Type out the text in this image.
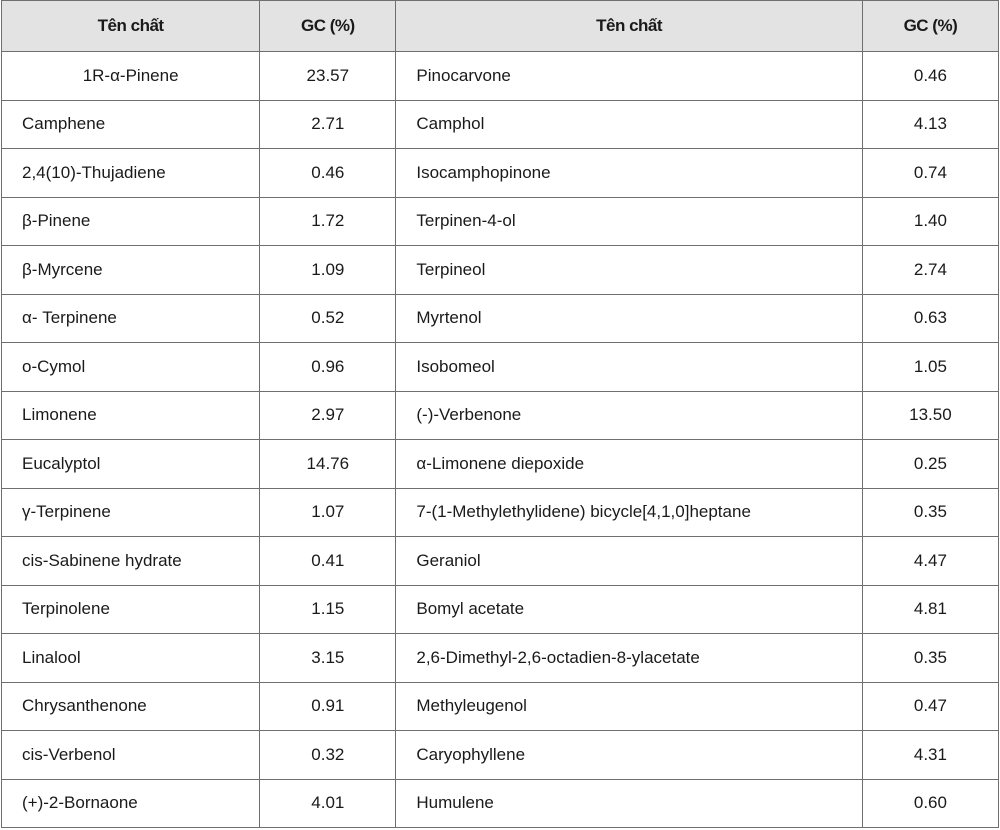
Tên chất	GC (%)	Tên chất	GC (%)
1R-α-Pinene	23.57	Pinocarvone	0.46
Camphene	2.71	Camphol	4.13
2,4(10)-Thujadiene	0.46	Isocamphopinone	0.74
β-Pinene	1.72	Terpinen-4-ol	1.40
β-Myrcene	1.09	Terpineol	2.74
α- Terpinene	0.52	Myrtenol	0.63
o-Cymol	0.96	Isobomeol	1.05
Limonene	2.97	(-)-Verbenone	13.50
Eucalyptol	14.76	α-Limonene diepoxide	0.25
γ-Terpinene	1.07	7-(1-Methylethylidene) bicycle[4,1,0]heptane	0.35
cis-Sabinene hydrate	0.41	Geraniol	4.47
Terpinolene	1.15	Bomyl acetate	4.81
Linalool	3.15	2,6-Dimethyl-2,6-octadien-8-ylacetate	0.35
Chrysanthenone	0.91	Methyleugenol	0.47
cis-Verbenol	0.32	Caryophyllene	4.31
(+)-2-Bornaone	4.01	Humulene	0.60
